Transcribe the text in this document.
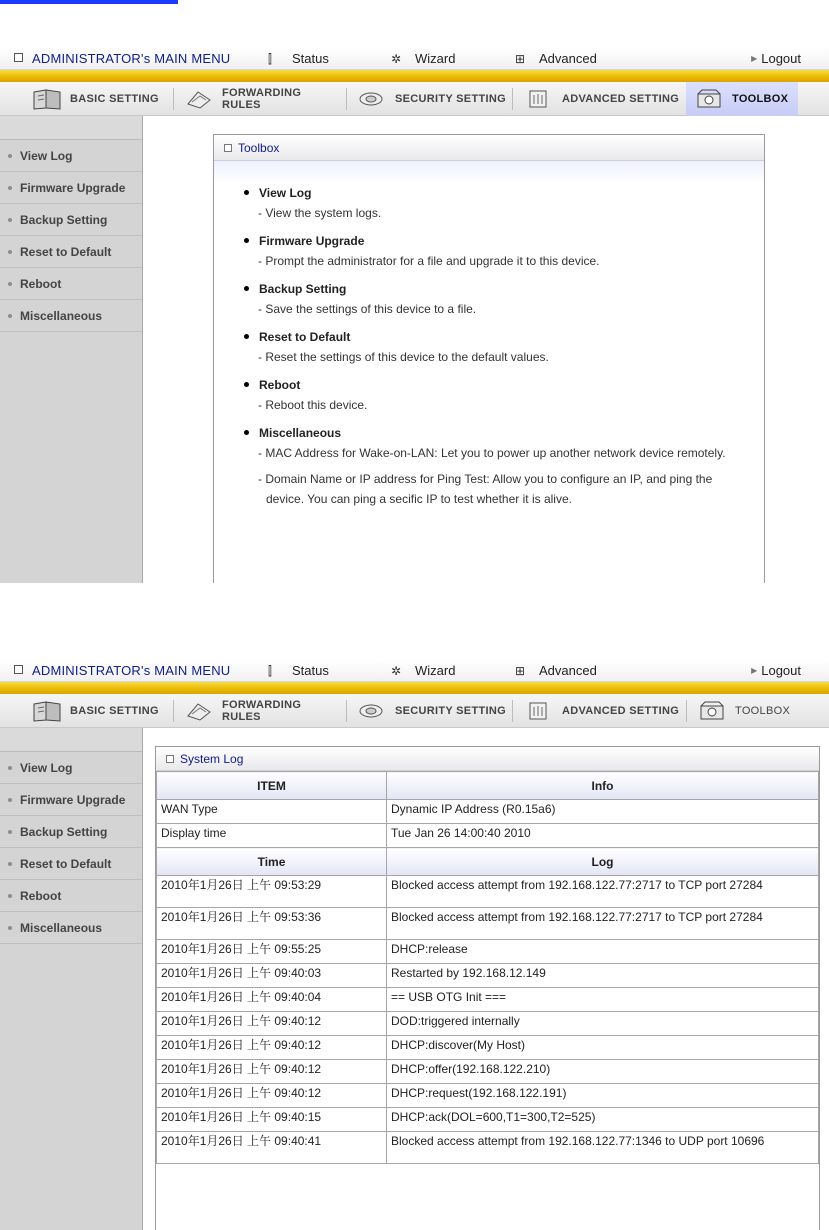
ADMINISTRATOR's MAIN MENU	⫿ Status	✲ Wizard	⊞ Advanced	▶ Logout
BASIC SETTING	FORWARDING RULES	SECURITY SETTING	ADVANCED SETTING	TOOLBOX
View Log
Firmware Upgrade
Backup Setting
Reset to Default
Reboot
Miscellaneous
Toolbox
View Log
- View the system logs.
Firmware Upgrade
- Prompt the administrator for a file and upgrade it to this device.
Backup Setting
- Save the settings of this device to a file.
Reset to Default
- Reset the settings of this device to the default values.
Reboot
- Reboot this device.
Miscellaneous
- MAC Address for Wake-on-LAN: Let you to power up another network device remotely.
- Domain Name or IP address for Ping Test: Allow you to configure an IP, and ping the device. You can ping a secific IP to test whether it is alive.
ADMINISTRATOR's MAIN MENU	⫿ Status	✲ Wizard	⊞ Advanced	▶ Logout
BASIC SETTING	FORWARDING RULES	SECURITY SETTING	ADVANCED SETTING	TOOLBOX
View Log
Firmware Upgrade
Backup Setting
Reset to Default
Reboot
Miscellaneous
System Log
ITEM	Info
WAN Type	Dynamic IP Address (R0.15a6)
Display time	Tue Jan 26 14:00:40 2010
Time	Log
2010年1月26日 上午 09:53:29	Blocked access attempt from 192.168.122.77:2717 to TCP port 27284
2010年1月26日 上午 09:53:36	Blocked access attempt from 192.168.122.77:2717 to TCP port 27284
2010年1月26日 上午 09:55:25	DHCP:release
2010年1月26日 上午 09:40:03	Restarted by 192.168.12.149
2010年1月26日 上午 09:40:04	== USB OTG Init ===
2010年1月26日 上午 09:40:12	DOD:triggered internally
2010年1月26日 上午 09:40:12	DHCP:discover(My Host)
2010年1月26日 上午 09:40:12	DHCP:offer(192.168.122.210)
2010年1月26日 上午 09:40:12	DHCP:request(192.168.122.191)
2010年1月26日 上午 09:40:15	DHCP:ack(DOL=600,T1=300,T2=525)
2010年1月26日 上午 09:40:41	Blocked access attempt from 192.168.122.77:1346 to UDP port 10696
